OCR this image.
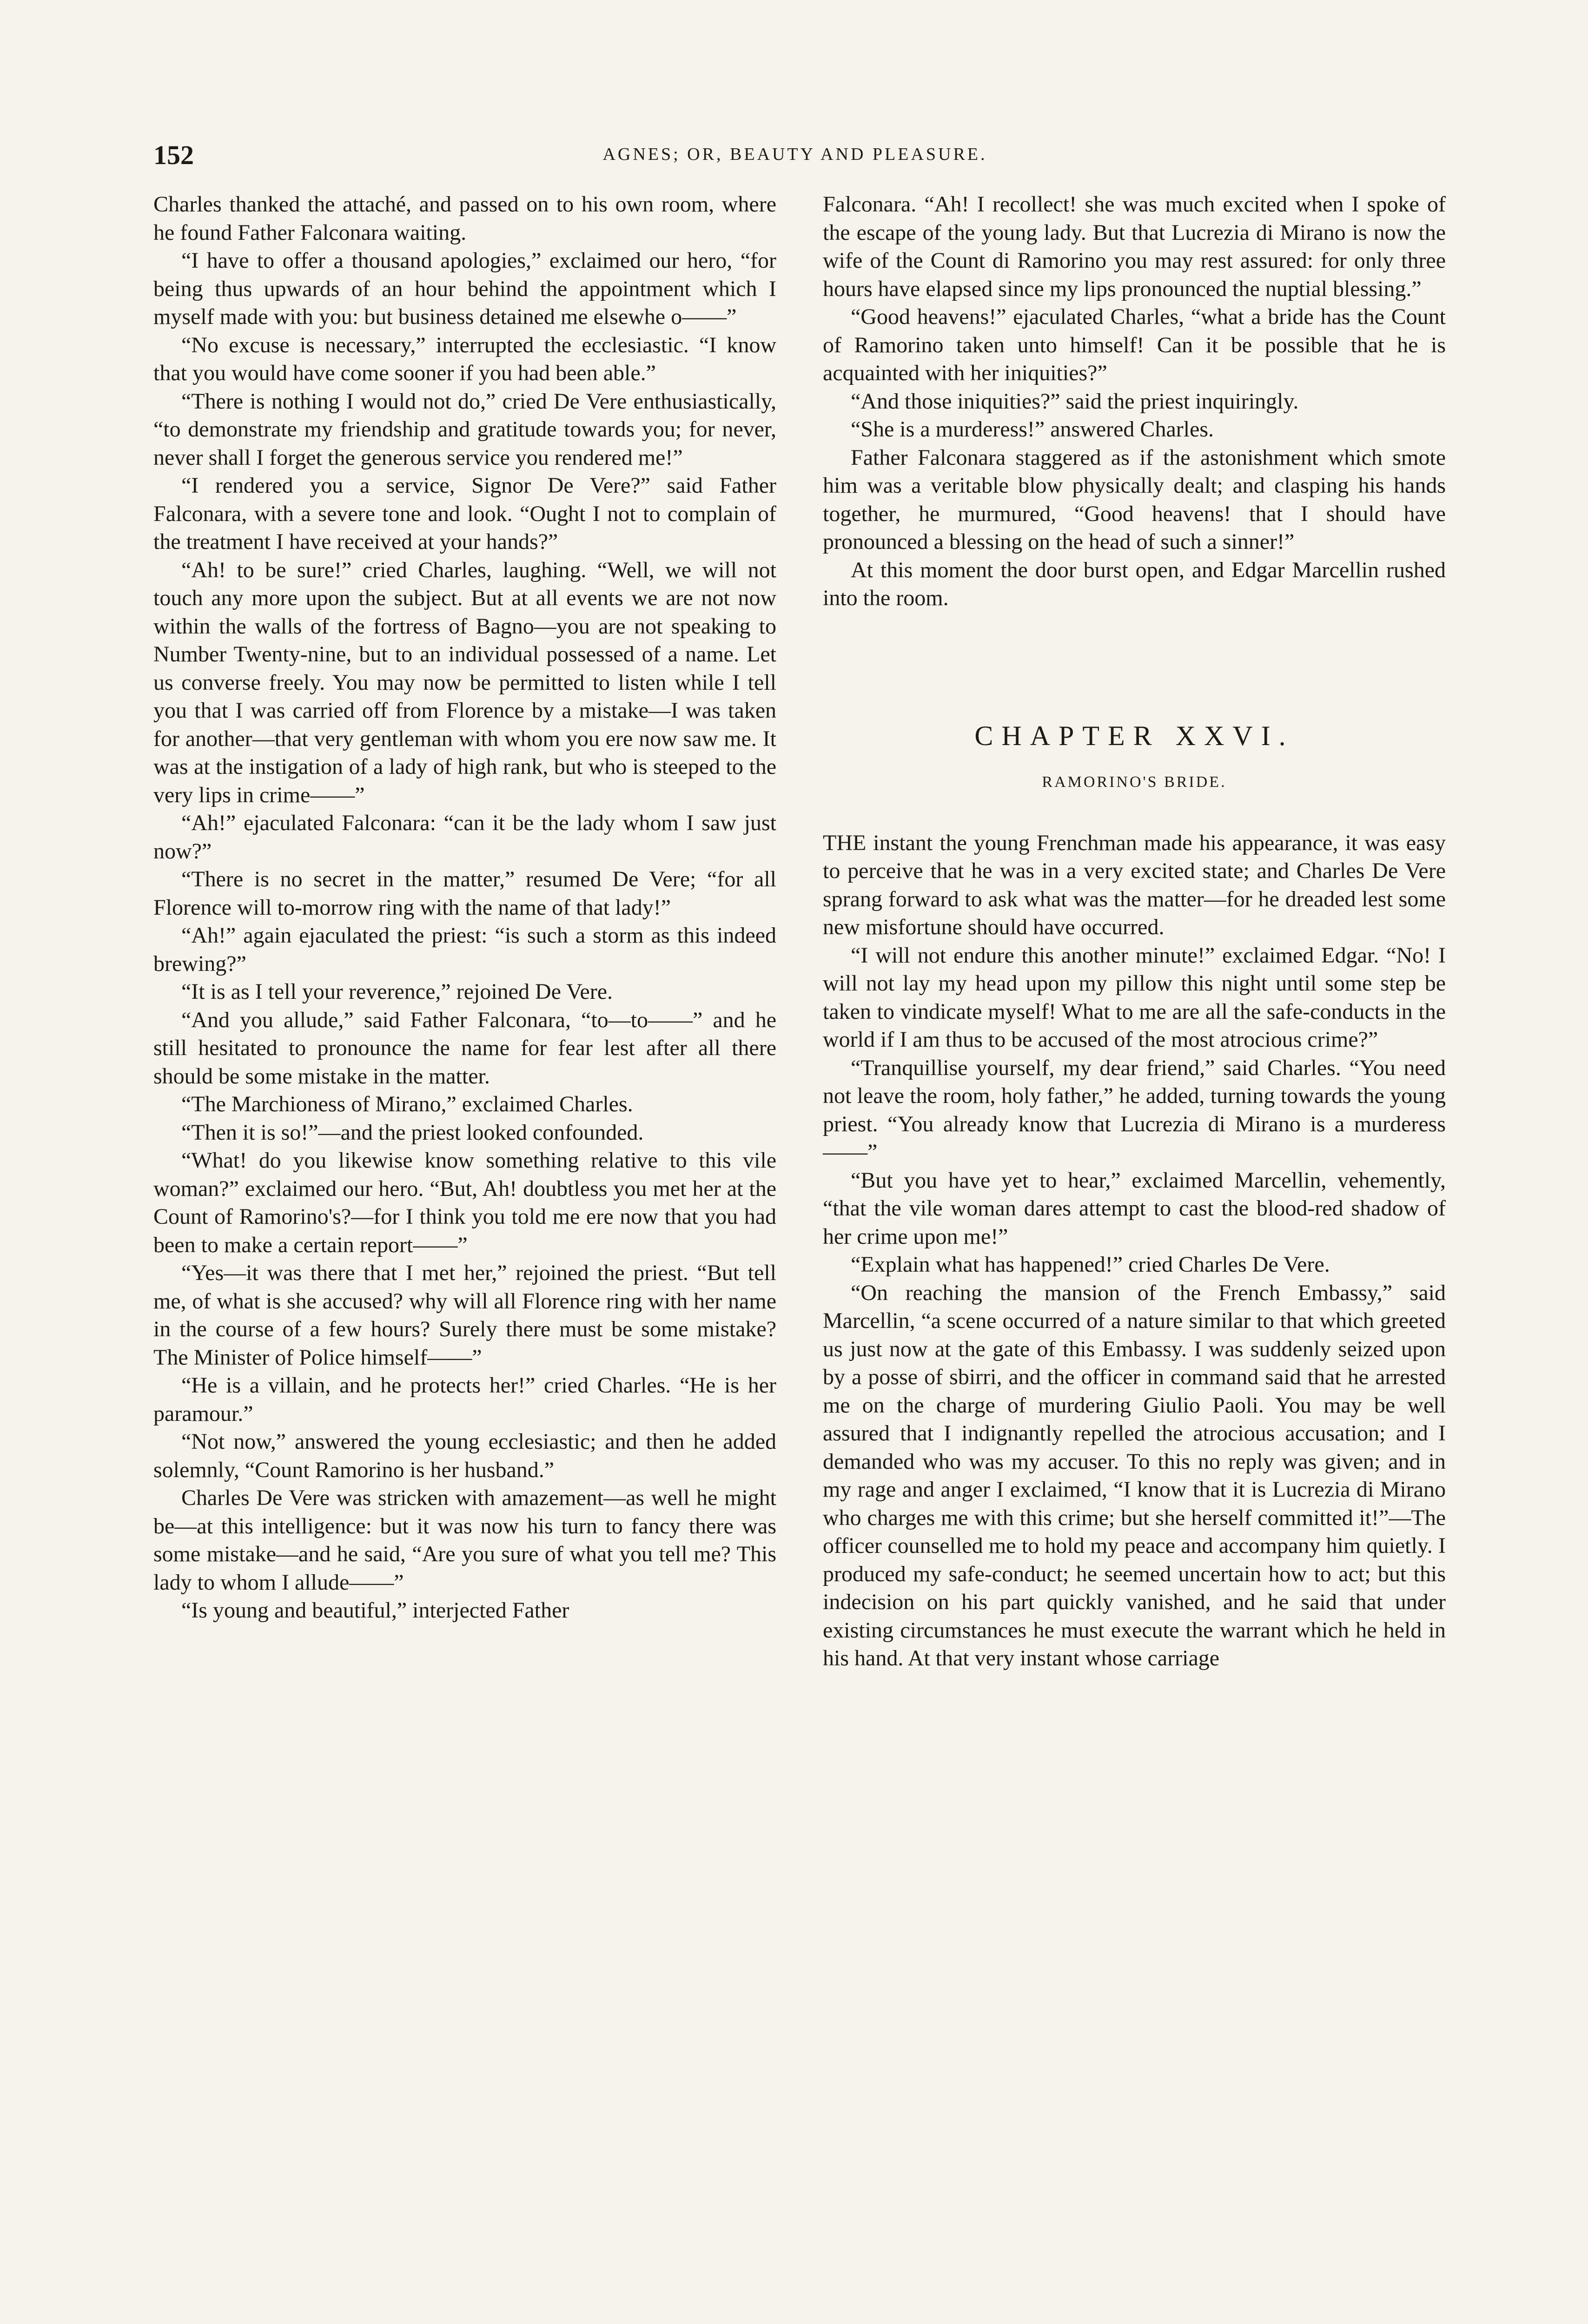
152	AGNES; OR, BEAUTY AND PLEASURE.

Charles thanked the attaché, and passed on to his own room, where he found Father Falconara waiting.

“I have to offer a thousand apologies,” exclaimed our hero, “for being thus upwards of an hour behind the appointment which I myself made with you: but business detained me elsewhe o——”

“No excuse is necessary,” interrupted the ecclesiastic. “I know that you would have come sooner if you had been able.”

“There is nothing I would not do,” cried De Vere enthusiastically, “to demonstrate my friendship and gratitude towards you; for never, never shall I forget the generous service you rendered me!”

“I rendered you a service, Signor De Vere?” said Father Falconara, with a severe tone and look. “Ought I not to complain of the treatment I have received at your hands?”

“Ah! to be sure!” cried Charles, laughing. “Well, we will not touch any more upon the subject. But at all events we are not now within the walls of the fortress of Bagno—you are not speaking to Number Twenty-nine, but to an individual possessed of a name. Let us converse freely. You may now be permitted to listen while I tell you that I was carried off from Florence by a mistake—I was taken for another—that very gentleman with whom you ere now saw me. It was at the instigation of a lady of high rank, but who is steeped to the very lips in crime——”

“Ah!” ejaculated Falconara: “can it be the lady whom I saw just now?”

“There is no secret in the matter,” resumed De Vere; “for all Florence will to-morrow ring with the name of that lady!”

“Ah!” again ejaculated the priest: “is such a storm as this indeed brewing?”

“It is as I tell your reverence,” rejoined De Vere.

“And you allude,” said Father Falconara, “to—to——” and he still hesitated to pronounce the name for fear lest after all there should be some mistake in the matter.

“The Marchioness of Mirano,” exclaimed Charles.

“Then it is so!”—and the priest looked confounded.

“What! do you likewise know something relative to this vile woman?” exclaimed our hero. “But, Ah! doubtless you met her at the Count of Ramorino's?—for I think you told me ere now that you had been to make a certain report——”

“Yes—it was there that I met her,” rejoined the priest. “But tell me, of what is she accused? why will all Florence ring with her name in the course of a few hours? Surely there must be some mistake? The Minister of Police himself——”

“He is a villain, and he protects her!” cried Charles. “He is her paramour.”

“Not now,” answered the young ecclesiastic; and then he added solemnly, “Count Ramorino is her husband.”

Charles De Vere was stricken with amazement—as well he might be—at this intelligence: but it was now his turn to fancy there was some mistake—and he said, “Are you sure of what you tell me? This lady to whom I allude——”

“Is young and beautiful,” interjected Father

Falconara. “Ah! I recollect! she was much excited when I spoke of the escape of the young lady. But that Lucrezia di Mirano is now the wife of the Count di Ramorino you may rest assured: for only three hours have elapsed since my lips pronounced the nuptial blessing.”

“Good heavens!” ejaculated Charles, “what a bride has the Count of Ramorino taken unto himself! Can it be possible that he is acquainted with her iniquities?”

“And those iniquities?” said the priest inquiringly.

“She is a murderess!” answered Charles.

Father Falconara staggered as if the astonishment which smote him was a veritable blow physically dealt; and clasping his hands together, he murmured, “Good heavens! that I should have pronounced a blessing on the head of such a sinner!”

At this moment the door burst open, and Edgar Marcellin rushed into the room.

CHAPTER XXVI.
RAMORINO'S BRIDE.

THE instant the young Frenchman made his appearance, it was easy to perceive that he was in a very excited state; and Charles De Vere sprang forward to ask what was the matter—for he dreaded lest some new misfortune should have occurred.

“I will not endure this another minute!” exclaimed Edgar. “No! I will not lay my head upon my pillow this night until some step be taken to vindicate myself! What to me are all the safe-conducts in the world if I am thus to be accused of the most atrocious crime?”

“Tranquillise yourself, my dear friend,” said Charles. “You need not leave the room, holy father,” he added, turning towards the young priest. “You already know that Lucrezia di Mirano is a murderess——”

“But you have yet to hear,” exclaimed Marcellin, vehemently, “that the vile woman dares attempt to cast the blood-red shadow of her crime upon me!”

“Explain what has happened!” cried Charles De Vere.

“On reaching the mansion of the French Embassy,” said Marcellin, “a scene occurred of a nature similar to that which greeted us just now at the gate of this Embassy. I was suddenly seized upon by a posse of sbirri, and the officer in command said that he arrested me on the charge of murdering Giulio Paoli. You may be well assured that I indignantly repelled the atrocious accusation; and I demanded who was my accuser. To this no reply was given; and in my rage and anger I exclaimed, “I know that it is Lucrezia di Mirano who charges me with this crime; but she herself committed it!”—The officer counselled me to hold my peace and accompany him quietly. I produced my safe-conduct; he seemed uncertain how to act; but this indecision on his part quickly vanished, and he said that under existing circumstances he must execute the warrant which he held in his hand. At that very instant whose carriage
